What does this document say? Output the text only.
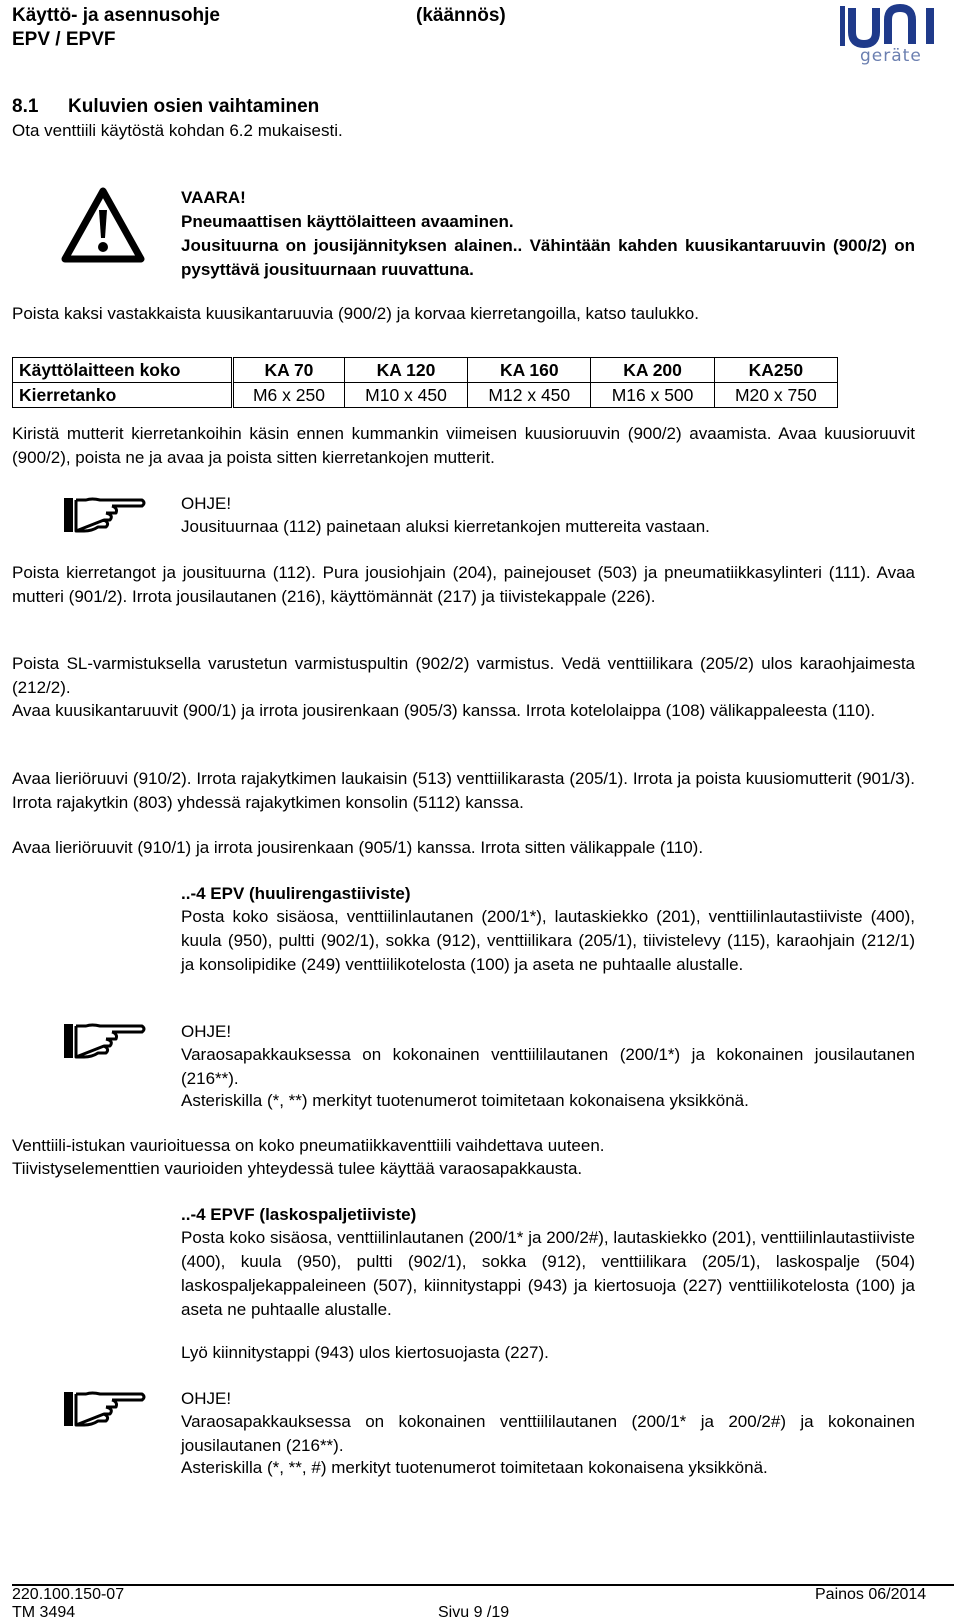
Käyttö- ja asennusohje
EPV / EPVF
(käännös)
geräte
8.1 Kuluvien osien vaihtaminen
Ota venttiili käytöstä kohdan 6.2 mukaisesti.
VAARA!
Pneumaattisen käyttölaitteen avaaminen.
Jousituurna on jousijännityksen alainen.. Vähintään kahden kuusikantaruuvin (900/2) on pysyttävä jousituurnaan ruuvattuna.
Poista kaksi vastakkaista kuusikantaruuvia (900/2) ja korvaa kierretangoilla, katso taulukko.
Käyttölaitteen koko	KA 70	KA 120	KA 160	KA 200	KA250
Kierretanko	M6 x 250	M10 x 450	M12 x 450	M16 x 500	M20 x 750
Kiristä mutterit kierretankoihin käsin ennen kummankin viimeisen kuusioruuvin (900/2) avaamista. Avaa kuusioruuvit (900/2), poista ne ja avaa ja poista sitten kierretankojen mutterit.
OHJE!
Jousituurnaa (112) painetaan aluksi kierretankojen muttereita vastaan.
Poista kierretangot ja jousituurna (112). Pura jousiohjain (204), painejouset (503) ja pneumatiikkasylinteri (111). Avaa mutteri (901/2). Irrota jousilautanen (216), käyttömännät (217) ja tiivistekappale (226).
Poista SL-varmistuksella varustetun varmistuspultin (902/2) varmistus. Vedä venttiilikara (205/2) ulos karaohjaimesta (212/2).
Avaa kuusikantaruuvit (900/1) ja irrota jousirenkaan (905/3) kanssa. Irrota kotelolaippa (108) välikappaleesta (110).
Avaa lieriöruuvi (910/2). Irrota rajakytkimen laukaisin (513) venttiilikarasta (205/1). Irrota ja poista kuusiomutterit (901/3). Irrota rajakytkin (803) yhdessä rajakytkimen konsolin (5112) kanssa.
Avaa lieriöruuvit (910/1) ja irrota jousirenkaan (905/1) kanssa. Irrota sitten välikappale (110).
..-4 EPV (huulirengastiiviste)
Posta koko sisäosa, venttiilinlautanen (200/1*), lautaskiekko (201), venttiilinlautastiiviste (400), kuula (950), pultti (902/1), sokka (912), venttiilikara (205/1), tiivistelevy (115), karaohjain (212/1) ja konsolipidike (249) venttiilikotelosta (100) ja aseta ne puhtaalle alustalle.
OHJE!
Varaosapakkauksessa on kokonainen venttiililautanen (200/1*) ja kokonainen jousilautanen (216**).
Asteriskilla (*, **) merkityt tuotenumerot toimitetaan kokonaisena yksikkönä.
Venttiili-istukan vaurioituessa on koko pneumatiikkaventtiili vaihdettava uuteen.
Tiivistyselementtien vaurioiden yhteydessä tulee käyttää varaosapakkausta.
..-4 EPVF (laskospaljetiiviste)
Posta koko sisäosa, venttiilinlautanen (200/1* ja 200/2#), lautaskiekko (201), venttiilinlautastiiviste (400), kuula (950), pultti (902/1), sokka (912), venttiilikara (205/1), laskospalje (504) laskospaljekappaleineen (507), kiinnitystappi (943) ja kiertosuoja (227) venttiilikotelosta (100) ja aseta ne puhtaalle alustalle.
Lyö kiinnitystappi (943) ulos kiertosuojasta (227).
OHJE!
Varaosapakkauksessa on kokonainen venttiililautanen (200/1* ja 200/2#) ja kokonainen jousilautanen (216**).
Asteriskilla (*, **, #) merkityt tuotenumerot toimitetaan kokonaisena yksikkönä.
220.100.150-07
TM 3494	Sivu 9 /19
Painos 06/2014
